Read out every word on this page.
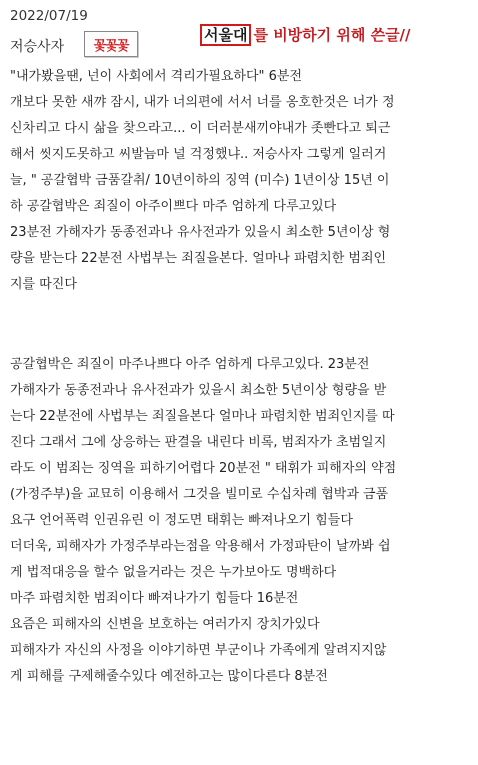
2022/07/19
저승사자	꽃꽃꽃
서울대 를 비방하기 위해 쓴글//
"내가봤을땐, 넌이 사회에서 격리가필요하다" 6분전
개보다 못한 새꺄 잠시, 내가 너의편에 서서 너를 옹호한것은 너가 정
신차리고 다시 삶을 찾으라고... 이 더러분새끼야내가 좃빤다고 퇴근
해서 씻지도못하고 씨발늠마 널 걱정했냐.. 저승사자 그렇게 일러거
늘, " 공갈협박 금품갈취/ 10년이하의 징역 (미수) 1년이상 15년 이
하 공갈협박은 죄질이 아주이쁘다 마주 엄하게 다루고있다
23분전 가해자가 동종전과나 유사전과가 있을시 최소한 5년이상 형
량을 받는다 22분전 사법부는 죄질을본다. 얼마나 파렴치한 범죄인
지를 따진다
공갈협박은 죄질이 마주나쁘다 아주 엄하게 다루고있다. 23분전
가해자가 동종전과나 유사전과가 있을시 최소한 5년이상 형량을 받
는다 22분전에 사법부는 죄질을본다 얼마나 파렴치한 범죄인지를 따
진다 그래서 그에 상응하는 판결을 내린다 비록, 범죄자가 초범일지
라도 이 범죄는 징역을 피하기어렵다 20분전 " 태휘가 피해자의 약점
(가정주부)을 교묘히 이용해서 그것을 빌미로 수십차례 협박과 금품
요구 언어폭력 인권유린 이 정도면 태휘는 빠져나오기 힘들다
더더욱, 피해자가 가정주부라는점을 악용해서 가정파탄이 날까봐 쉽
게 법적대응을 할수 없을거라는 것은 누가보아도 명백하다
마주 파렴치한 범죄이다 빠져나가기 힘들다 16분전
요즘은 피해자의 신변을 보호하는 여러가지 장치가있다
피해자가 자신의 사정을 이야기하면 부군이나 가족에게 알려지지않
게 피해를 구제해줄수있다 예전하고는 많이다른다 8분전
